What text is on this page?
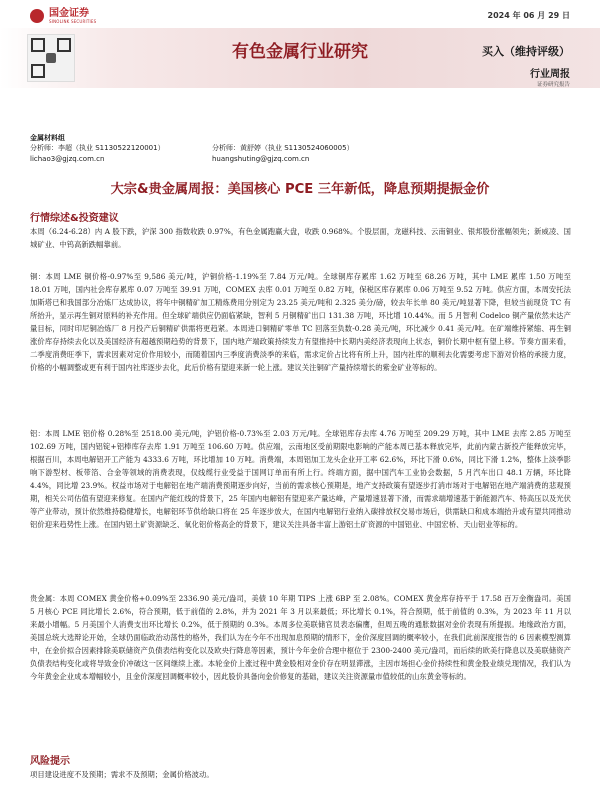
国金证券
SINOLINK SECURITIES
2024 年 06 月 29 日
有色金属行业研究	买入（维持评级）
行业周报
证券研究报告
金属材料组
分析师：李超（执业 S1130522120001）
lichao3@gjzq.com.cn
分析师：黄舒婷（执业 S1130524060005）
huangshuting@gjzq.com.cn
大宗&贵金属周报：美国核心 PCE 三年新低，降息预期提振金价
行情综述&投资建议
本周（6.24-6.28）内 A 股下跌，沪深 300 指数收跌 0.97%，有色金属跑赢大盘，收跌 0.968%。个股层面，龙磁科技、云南铜业、银邦股份涨幅领先；新威凌、国城矿业、中钨高新跌幅靠前。
铜：本周 LME 铜价格-0.97%至 9,586 美元/吨，沪铜价格-1.19%至 7.84 万元/吨。全球铜库存累库 1.62 万吨至 68.26 万吨，其中 LME 累库 1.50 万吨至 18.01 万吨，国内社会库存累库 0.07 万吨至 39.91 万吨，COMEX 去库 0.01 万吨至 0.82 万吨，保税区库存累库 0.06 万吨至 9.52 万吨。供应方面，本周安托法加斯塔已和我国部分冶炼厂达成协议，将年中铜精矿加工精炼费用分别定为 23.25 美元/吨和 2.325 美分/磅，较去年长单 80 美元/吨显著下降，但较当前现货 TC 有所抬升，显示再生铜对原料的补充作用。但全球矿端供应仍面临紧缺，智利 5 月铜精矿出口 131.38 万吨，环比增 10.44%。而 5 月智利 Codelco 铜产量依然未达产量目标，同时印尼铜冶炼厂 8 月投产后铜精矿供需将更趋紧。本周进口铜精矿零单 TC 回落至负数-0.28 美元/吨，环比减少 0.41 美元/吨。在矿端维持紧缩、再生铜涨价库存持续去化以及美国经济有超越预期趋势的背景下，国内地产端政策持续发力有望推持中长期内美经济表现向上状态，铜价长期中枢有望上移。节奏方面来看，二季度消费旺季下，需求因素对定价作用较小，而随着国内三季度消费淡季的来临，需求定价占比将有所上升，国内社库的顺利去化需要考虑下游对价格的承接力度，价格的小幅调整或更有利于国内社库逐步去化，此后价格有望迎来新一轮上涨。建议关注铜矿产量持续增长的紫金矿业等标的。
铝：本周 LME 铝价格 0.28%至 2518.00 美元/吨，沪铝价格-0.73%至 2.03 万元/吨。全球铝库存去库 4.76 万吨至 209.29 万吨，其中 LME 去库 2.85 万吨至 102.69 万吨，国内铝锭+铝棒库存去库 1.91 万吨至 106.60 万吨。供应端，云南地区受前期限电影响的产能本周已基本释放完毕，此前内蒙古新投产能释放完毕，根据百川，本周电解铝开工产能为 4333.6 万吨，环比增加 10 万吨。消费端，本周铝加工龙头企业开工率 62.6%，环比下滑 0.6%，同比下滑 1.2%，整体上淡季影响下游型材、板带箔、合金等领域的消费表现，仅线缆行业受益于国网订单而有所上行。终端方面，据中国汽车工业协会数据，5 月汽车出口 48.1 万辆，环比降 4.4%，同比增 23.9%。权益市场对于电解铝在地产端消费预期逐步向好，当前的需求核心预期是，地产支持政策有望逐步打消市场对于电解铝在地产端消费的悲观预期，相关公司估值有望迎来修复。在国内产能红线的背景下，25 年国内电解铝有望迎来产量达峰，产量增速显著下滑，而需求端增速基于新能源汽车、特高压以及光伏等产业带动，预计依然维持稳健增长，电解铝环节供给缺口将在 25 年逐步放大，在国内电解铝行业纳入碳排放权交易市场后，供需缺口和成本端抬升或有望共同推动铝价迎来趋势性上涨。在国内铝土矿资源缺乏、氧化铝价格高企的背景下，建议关注具备丰富上游铝土矿资源的中国铝业、中国宏桥、天山铝业等标的。
贵金属：本周 COMEX 黄金价格+0.09%至 2336.90 美元/盎司，美债 10 年期 TIPS 上涨 6BP 至 2.08%。COMEX 黄金库存持平于 17.58 百万金衡盎司。美国 5 月核心 PCE 同比增长 2.6%，符合预期，低于前值的 2.8%，并为 2021 年 3 月以来最低；环比增长 0.1%，符合预期，低于前值的 0.3%，为 2023 年 11 月以来最小增幅。5 月美国个人消费支出环比增长 0.2%，低于预期的 0.3%。本周多位美联储官员表态偏鹰，但周五晚的通胀数据对金价表现有所提振。地缘政治方面，美国总统大选辩论开始，全球仍面临政治动荡性的格外，我们认为在今年不出现加息预期的情形下，金价深度回调的概率较小，在我们此前深度报告的 6 因素模型测算中，在金价拟合因素排除美联储资产负债表结构变化以及欧央行降息等因素，预计今年金价合理中枢位于 2300-2400 美元/盎司，而后续的欧美行降息以及美联储资产负债表结构变化或将导致金价冲破这一区间继续上涨。本轮金价上涨过程中黄金股相对金价存在明显滞涨，主因市场担心金价持续性和黄金股业绩兑现情况，我们认为今年黄金企业成本增幅较小，且金价深度回调概率较小，因此股价具备向金价修复的基础，建议关注资源量市值较低的山东黄金等标的。
风险提示
项目建设进度不及预期；需求不及预期；金属价格波动。
